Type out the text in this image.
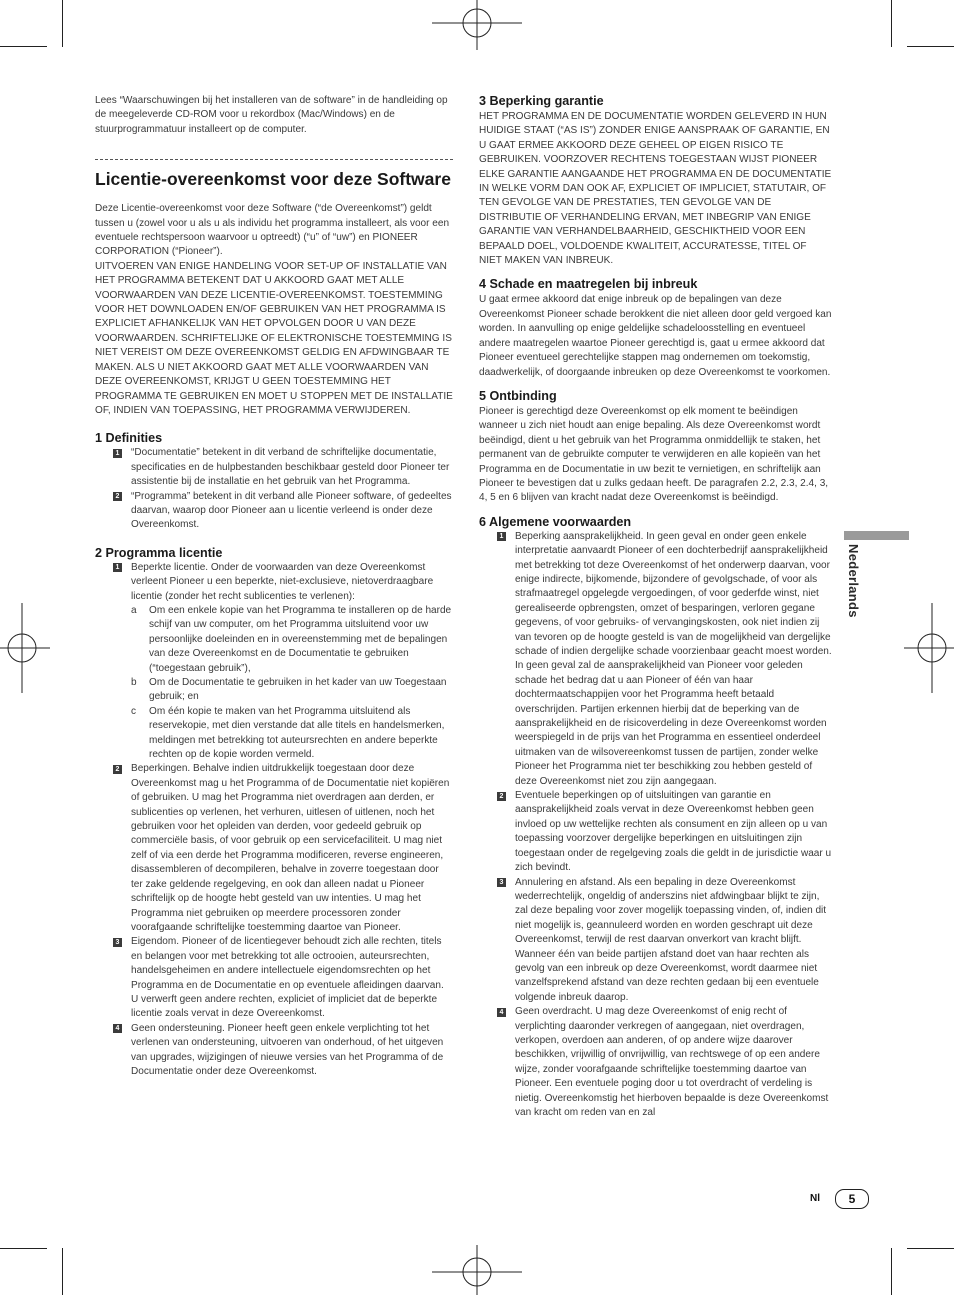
Lees “Waarschuwingen bij het installeren van de software” in de handleiding op de meegeleverde CD-ROM voor u rekordbox (Mac/Windows) en de stuurprogrammatuur installeert op de computer.

Licentie-overeenkomst voor deze Software

Deze Licentie-overeenkomst voor deze Software (“de Overeenkomst”) geldt tussen u (zowel voor u als u als individu het programma installeert, als voor een eventuele rechtspersoon waarvoor u optreedt) (“u” of “uw”) en PIONEER CORPORATION (“Pioneer”).

UITVOEREN VAN ENIGE HANDELING VOOR SET-UP OF INSTALLATIE VAN HET PROGRAMMA BETEKENT DAT U AKKOORD GAAT MET ALLE VOORWAARDEN VAN DEZE LICENTIE-OVEREENKOMST. TOESTEMMING VOOR HET DOWNLOADEN EN/OF GEBRUIKEN VAN HET PROGRAMMA IS EXPLICIET AFHANKELIJK VAN HET OPVOLGEN DOOR U VAN DEZE VOORWAARDEN. SCHRIFTELIJKE OF ELEKTRONISCHE TOESTEMMING IS NIET VEREIST OM DEZE OVEREENKOMST GELDIG EN AFDWINGBAAR TE MAKEN. ALS U NIET AKKOORD GAAT MET ALLE VOORWAARDEN VAN DEZE OVEREENKOMST, KRIJGT U GEEN TOESTEMMING HET PROGRAMMA TE GEBRUIKEN EN MOET U STOPPEN MET DE INSTALLATIE OF, INDIEN VAN TOEPASSING, HET PROGRAMMA VERWIJDEREN.

1 Definities
1 “Documentatie” betekent in dit verband de schriftelijke documentatie, specificaties en de hulpbestanden beschikbaar gesteld door Pioneer ter assistentie bij de installatie en het gebruik van het Programma.

2 “Programma” betekent in dit verband alle Pioneer software, of gedeeltes daarvan, waarop door Pioneer aan u licentie verleend is onder deze Overeenkomst.

2 Programma licentie
1 Beperkte licentie. Onder de voorwaarden van deze Overeenkomst verleent Pioneer u een beperkte, niet-exclusieve, nietoverdraagbare licentie (zonder het recht sublicenties te verlenen):

a Om een enkele kopie van het Programma te installeren op de harde schijf van uw computer, om het Programma uitsluitend voor uw persoonlijke doeleinden en in overeenstemming met de bepalingen van deze Overeenkomst en de Documentatie te gebruiken (“toegestaan gebruik”),

b Om de Documentatie te gebruiken in het kader van uw Toegestaan gebruik; en

c Om één kopie te maken van het Programma uitsluitend als reservekopie, met dien verstande dat alle titels en handelsmerken, meldingen met betrekking tot auteursrechten en andere beperkte rechten op de kopie worden vermeld.

2 Beperkingen. Behalve indien uitdrukkelijk toegestaan door deze Overeenkomst mag u het Programma of de Documentatie niet kopiëren of gebruiken. U mag het Programma niet overdragen aan derden, er sublicenties op verlenen, het verhuren, uitlesen of uitlenen, noch het gebruiken voor het opleiden van derden, voor gedeeld gebruik op commerciële basis, of voor gebruik op een servicefaciliteit. U mag niet zelf of via een derde het Programma modificeren, reverse engineeren, disassembleren of decompileren, behalve in zoverre toegestaan door ter zake geldende regelgeving, en ook dan alleen nadat u Pioneer schriftelijk op de hoogte hebt gesteld van uw intenties. U mag het Programma niet gebruiken op meerdere processoren zonder voorafgaande schriftelijke toestemming daartoe van Pioneer.

3 Eigendom. Pioneer of de licentiegever behoudt zich alle rechten, titels en belangen voor met betrekking tot alle octrooien, auteursrechten, handelsgeheimen en andere intellectuele eigendomsrechten op het Programma en de Documentatie en op eventuele afleidingen daarvan. U verwerft geen andere rechten, expliciet of impliciet dat de beperkte licentie zoals vervat in deze Overeenkomst.

4 Geen ondersteuning. Pioneer heeft geen enkele verplichting tot het verlenen van ondersteuning, uitvoeren van onderhoud, of het uitgeven van upgrades, wijzigingen of nieuwe versies van het Programma of de Documentatie onder deze Overeenkomst.

3 Beperking garantie

HET PROGRAMMA EN DE DOCUMENTATIE WORDEN GELEVERD IN HUN HUIDIGE STAAT (“AS IS”) ZONDER ENIGE AANSPRAAK OF GARANTIE, EN U GAAT ERMEE AKKOORD DEZE GEHEEL OP EIGEN RISICO TE GEBRUIKEN. VOORZOVER RECHTENS TOEGESTAAN WIJST PIONEER ELKE GARANTIE AANGAANDE HET PROGRAMMA EN DE DOCUMENTATIE IN WELKE VORM DAN OOK AF, EXPLICIET OF IMPLICIET, STATUTAIR, OF TEN GEVOLGE VAN DE PRESTATIES, TEN GEVOLGE VAN DE DISTRIBUTIE OF VERHANDELING ERVAN, MET INBEGRIP VAN ENIGE GARANTIE VAN VERHANDELBAARHEID, GESCHIKTHEID VOOR EEN BEPAALD DOEL, VOLDOENDE KWALITEIT, ACCURATESSE, TITEL OF NIET MAKEN VAN INBREUK.

4 Schade en maatregelen bij inbreuk

U gaat ermee akkoord dat enige inbreuk op de bepalingen van deze Overeenkomst Pioneer schade berokkent die niet alleen door geld vergoed kan worden. In aanvulling op enige geldelijke schadeloosstelling en eventueel andere maatregelen waartoe Pioneer gerechtigd is, gaat u ermee akkoord dat Pioneer eventueel gerechtelijke stappen mag ondernemen om toekomstig, daadwerkelijk, of doorgaande inbreuken op deze Overeenkomst te voorkomen.

5 Ontbinding

Pioneer is gerechtigd deze Overeenkomst op elk moment te beëindigen wanneer u zich niet houdt aan enige bepaling. Als deze Overeenkomst wordt beëindigd, dient u het gebruik van het Programma onmiddellijk te staken, het permanent van de gebruikte computer te verwijderen en alle kopieën van het Programma en de Documentatie in uw bezit te vernietigen, en schriftelijk aan Pioneer te bevestigen dat u zulks gedaan heeft. De paragrafen 2.2, 2.3, 2.4, 3, 4, 5 en 6 blijven van kracht nadat deze Overeenkomst is beëindigd.

6 Algemene voorwaarden
1 Beperking aansprakelijkheid. In geen geval en onder geen enkele interpretatie aanvaardt Pioneer of een dochterbedrijf aansprakelijkheid met betrekking tot deze Overeenkomst of het onderwerp daarvan, voor enige indirecte, bijkomende, bijzondere of gevolgschade, of voor als strafmaatregel opgelegde vergoedingen, of voor gederfde winst, niet gerealiseerde opbrengsten, omzet of besparingen, verloren gegane gegevens, of voor gebruiks- of vervangingskosten, ook niet indien zij van tevoren op de hoogte gesteld is van de mogelijkheid van dergelijke schade of indien dergelijke schade voorzienbaar geacht moest worden. In geen geval zal de aansprakelijkheid van Pioneer voor geleden schade het bedrag dat u aan Pioneer of één van haar dochtermaatschappijen voor het Programma heeft betaald overschrijden. Partijen erkennen hierbij dat de beperking van de aansprakelijkheid en de risicoverdeling in deze Overeenkomst worden weerspiegeld in de prijs van het Programma en essentieel onderdeel uitmaken van de wilsovereenkomst tussen de partijen, zonder welke Pioneer het Programma niet ter beschikking zou hebben gesteld of deze Overeenkomst niet zou zijn aangegaan.

2 Eventuele beperkingen op of uitsluitingen van garantie en aansprakelijkheid zoals vervat in deze Overeenkomst hebben geen invloed op uw wettelijke rechten als consument en zijn alleen op u van toepassing voorzover dergelijke beperkingen en uitsluitingen zijn toegestaan onder de regelgeving zoals die geldt in de jurisdictie waar u zich bevindt.

3 Annulering en afstand. Als een bepaling in deze Overeenkomst wederrechtelijk, ongeldig of anderszins niet afdwingbaar blijkt te zijn, zal deze bepaling voor zover mogelijk toepassing vinden, of, indien dit niet mogelijk is, geannuleerd worden en worden geschrapt uit deze Overeenkomst, terwijl de rest daarvan onverkort van kracht blijft. Wanneer één van beide partijen afstand doet van haar rechten als gevolg van een inbreuk op deze Overeenkomst, wordt daarmee niet vanzelfsprekend afstand van deze rechten gedaan bij een eventuele volgende inbreuk daarop.

4 Geen overdracht. U mag deze Overeenkomst of enig recht of verplichting daaronder verkregen of aangegaan, niet overdragen, verkopen, overdoen aan anderen, of op andere wijze daarover beschikken, vrijwillig of onvrijwillig, van rechtswege of op een andere wijze, zonder voorafgaande schriftelijke toestemming daartoe van Pioneer. Een eventuele poging door u tot overdracht of verdeling is nietig. Overeenkomstig het hierboven bepaalde is deze Overeenkomst van kracht om reden van en zal

Nederlands
Nl	5
